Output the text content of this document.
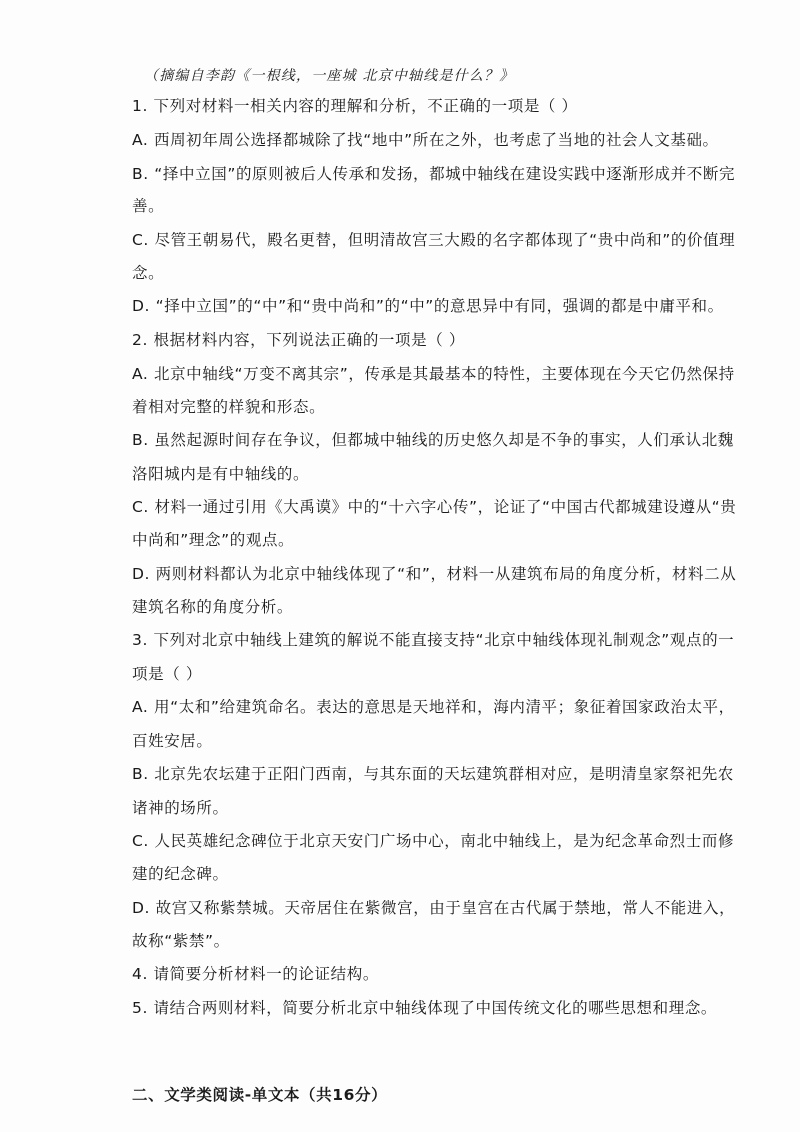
（摘编自李韵《一根线，一座城 北京中轴线是什么？》
1. 下列对材料一相关内容的理解和分析，不正确的一项是（ ）
A. 西周初年周公选择都城除了找“地中”所在之外，也考虑了当地的社会人文基础。
B. “择中立国”的原则被后人传承和发扬，都城中轴线在建设实践中逐渐形成并不断完
善。
C. 尽管王朝易代，殿名更替，但明清故宫三大殿的名字都体现了“贵中尚和”的价值理
念。
D. “择中立国”的“中”和“贵中尚和”的“中”的意思异中有同，强调的都是中庸平和。
2. 根据材料内容，下列说法正确的一项是（ ）
A. 北京中轴线“万变不离其宗”，传承是其最基本的特性，主要体现在今天它仍然保持
着相对完整的样貌和形态。
B. 虽然起源时间存在争议，但都城中轴线的历史悠久却是不争的事实，人们承认北魏
洛阳城内是有中轴线的。
C. 材料一通过引用《大禹谟》中的“十六字心传”，论证了“中国古代都城建设遵从“贵
中尚和”理念”的观点。
D. 两则材料都认为北京中轴线体现了“和”，材料一从建筑布局的角度分析，材料二从
建筑名称的角度分析。
3. 下列对北京中轴线上建筑的解说不能直接支持“北京中轴线体现礼制观念”观点的一
项是（ ）
A. 用“太和”给建筑命名。表达的意思是天地祥和，海内清平；象征着国家政治太平，
百姓安居。
B. 北京先农坛建于正阳门西南，与其东面的天坛建筑群相对应，是明清皇家祭祀先农
诸神的场所。
C. 人民英雄纪念碑位于北京天安门广场中心，南北中轴线上，是为纪念革命烈士而修
建的纪念碑。
D. 故宫又称紫禁城。天帝居住在紫微宫，由于皇宫在古代属于禁地，常人不能进入，
故称“紫禁”。
4. 请简要分析材料一的论证结构。
5. 请结合两则材料，简要分析北京中轴线体现了中国传统文化的哪些思想和理念。
二、文学类阅读-单文本（共16分）
